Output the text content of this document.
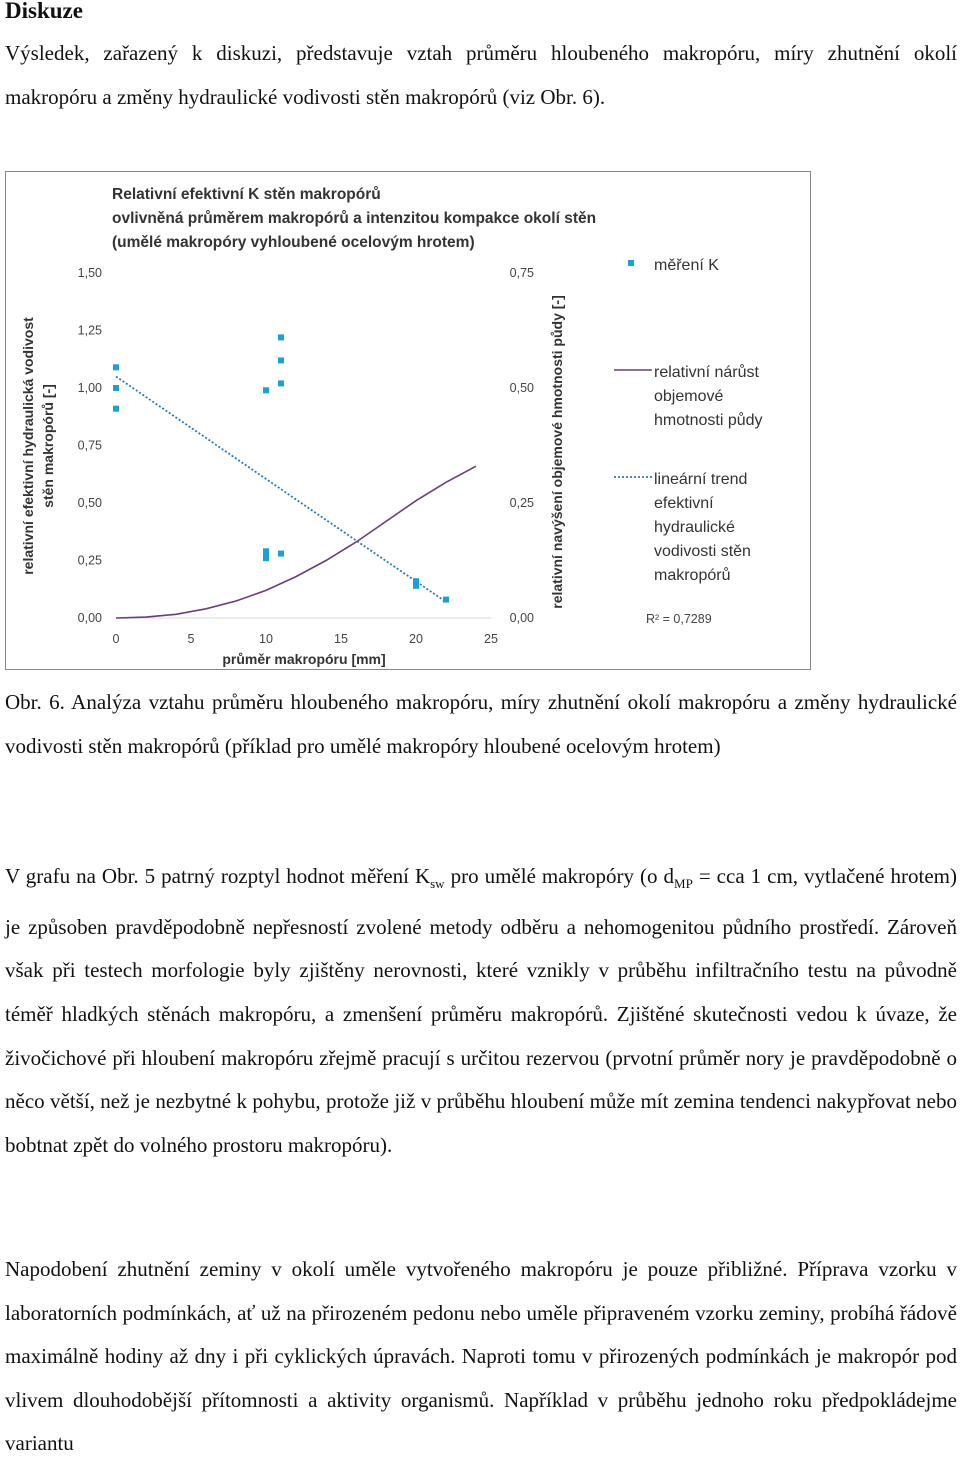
Diskuze
Výsledek, zařazený k diskuzi, představuje vztah průměru hloubeného makropóru, míry zhutnění okolí makropóru a změny hydraulické vodivosti stěn makropórů (viz Obr. 6).
Relativní efektivní K stěn makropórů
ovlivněná průměrem makropórů a intenzitou kompakce okolí stěn
(umělé makropóry vyhloubené ocelovým hrotem)
0	5	10	15	20	25
0,00
0,25
0,50
0,75
1,00
1,25
1,50
0,00
0,25
0,50
0,75
průměr makropóru [mm]
relativní efektivní hydraulická vodivost stěn makropórů [-]	relativní navýšení objemové hmotnosti půdy [-]
měření K
relativní nárůst
objemové
hmotnosti půdy
lineární trend
efektivní
hydraulické
vodivosti stěn
makropórů
R² = 0,7289
Obr. 6. Analýza vztahu průměru hloubeného makropóru, míry zhutnění okolí makropóru a změny hydraulické vodivosti stěn makropórů (příklad pro umělé makropóry hloubené ocelovým hrotem)
V grafu na Obr. 5 patrný rozptyl hodnot měření $K_{sw}$ pro umělé makropóry (o $d_{MP}$ = cca 1 cm, vytlačené hrotem) je způsoben pravděpodobně nepřesností zvolené metody odběru a nehomogenitou půdního prostředí. Zároveň však při testech morfologie byly zjištěny nerovnosti, které vznikly v průběhu infiltračního testu na původně téměř hladkých stěnách makropóru, a zmenšení průměru makropórů. Zjištěné skutečnosti vedou k úvaze, že živočichové při hloubení makropóru zřejmě pracují s určitou rezervou (prvotní průměr nory je pravděpodobně o něco větší, než je nezbytné k pohybu, protože již v průběhu hloubení může mít zemina tendenci nakypřovat nebo bobtnat zpět do volného prostoru makropóru).
Napodobení zhutnění zeminy v okolí uměle vytvořeného makropóru je pouze přibližné. Příprava vzorku v laboratorních podmínkách, ať už na přirozeném pedonu nebo uměle připraveném vzorku zeminy, probíhá řádově maximálně hodiny až dny i při cyklických úpravách. Naproti tomu v přirozených podmínkách je makropór pod vlivem dlouhodobější přítomnosti a aktivity organismů. Například v průběhu jednoho roku předpokládejme variantu
